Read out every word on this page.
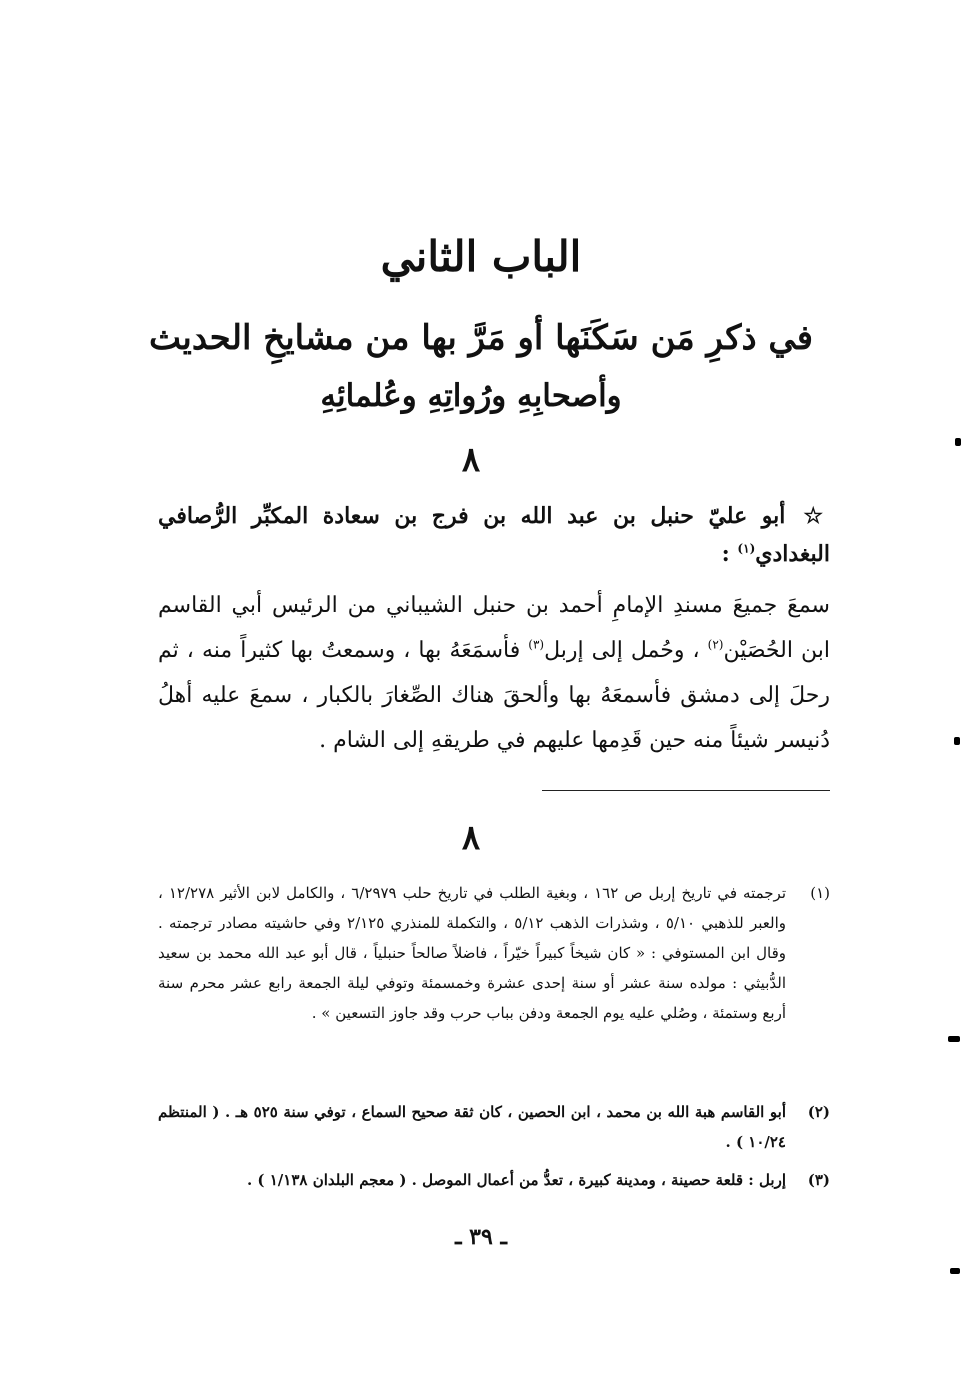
الباب الثاني
في ذكرِ مَن سَكَنَها أو مَرَّ بها من مشايخِ الحديث
وأصحابِهِ ورُواتِهِ وعُلمائِهِ
٨
☆أبو عليّ حنبل بن عبد الله بن فرج بن سعادة المكبِّر الرُّصافي البغدادي$^{(١)}$ :
سمعَ جميعَ مسندِ الإمامِ أحمد بن حنبل الشيباني من الرئيس أبي القاسم ابن الحُصَيْن$^{(٢)}$ ، وحُمل إلى إربل$^{(٣)}$ فأسمَعَهُ بها ، وسمعتُ بها كثيراً منه ، ثم رحلَ إلى دمشق فأسمعَهُ بها وألحقَ هناك الصِّغارَ بالكبار ، سمعَ عليه أهلُ دُنيسر شيئاً منه حين قَدِمها عليهم في طريقهِ إلى الشام .
٨
(١)
ترجمته في تاريخ إربل ص ١٦٢ ، وبغية الطلب في تاريخ حلب ٦/٢٩٧٩ ، والكامل لابن الأثير ١٢/٢٧٨ ، والعبر للذهبي ٥/١٠ ، وشذرات الذهب ٥/١٢ ، والتكملة للمنذري ٢/١٢٥ وفي حاشيته مصادر ترجمته . وقال ابن المستوفي : « كان شيخاً كبيراً خيّراً ، فاضلاً صالحاً حنبلياً ، قال أبو عبد الله محمد بن سعيد الدُّبيثي : مولده سنة عشر أو سنة إحدى عشرة وخمسمئة وتوفي ليلة الجمعة رابع عشر محرم سنة أربع وستمئة ، وصُلي عليه يوم الجمعة ودفن بباب حرب وقد جاوز التسعين » .
(٢)
أبو القاسم هبة الله بن محمد ، ابن الحصين ، كان ثقة صحيح السماع ، توفي سنة ٥٢٥ هـ . ( المنتظم ١٠/٢٤ ) .
(٣)
إربل : قلعة حصينة ، ومدينة كبيرة ، تعدُّ من أعمال الموصل . ( معجم البلدان ١/١٣٨ ) .
ـ ٣٩ ـ
